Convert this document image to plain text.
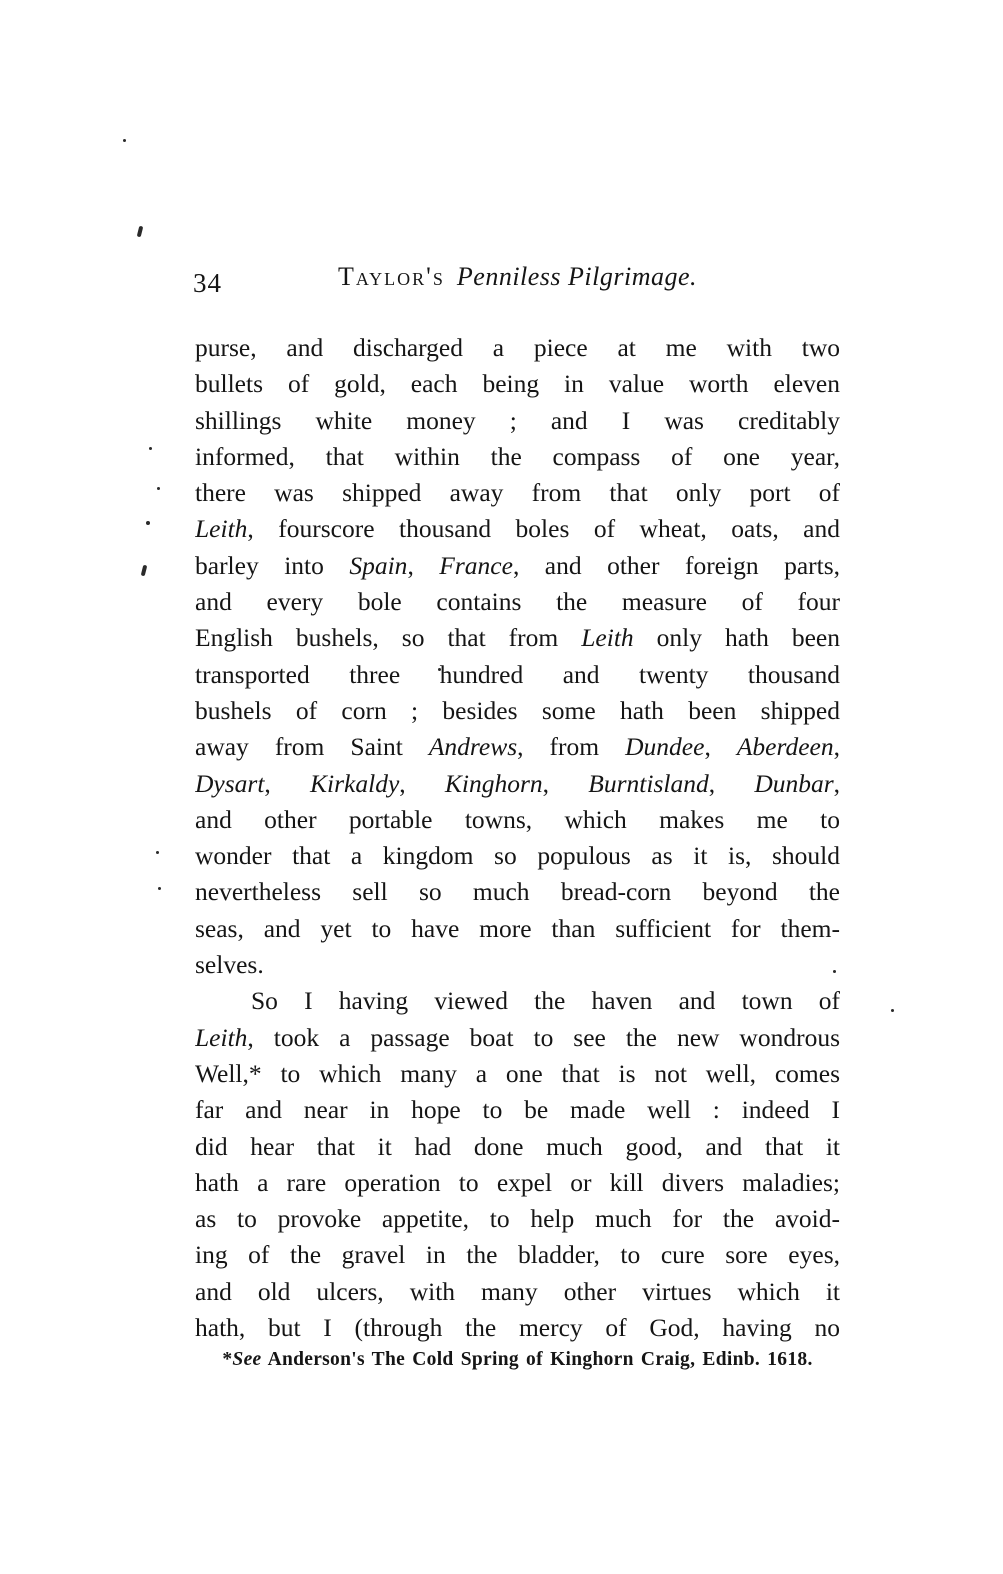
34	Taylor's Penniless Pilgrimage.
purse, and discharged a piece at me with two
bullets of gold, each being in value worth eleven
shillings white money ; and I was creditably
informed, that within the compass of one year,
there was shipped away from that only port of
Leith, fourscore thousand boles of wheat, oats, and
barley into Spain, France, and other foreign parts,
and every bole contains the measure of four
English bushels, so that from Leith only hath been
transported three hundred and twenty thousand
bushels of corn ; besides some hath been shipped
away from Saint Andrews, from Dundee, Aberdeen,
Dysart, Kirkaldy, Kinghorn, Burntisland, Dunbar,
and other portable towns, which makes me to
wonder that a kingdom so populous as it is, should
nevertheless sell so much bread-corn beyond the
seas, and yet to have more than sufficient for them-
selves.
So I having viewed the haven and town of
Leith, took a passage boat to see the new wondrous
Well,* to which many a one that is not well, comes
far and near in hope to be made well : indeed I
did hear that it had done much good, and that it
hath a rare operation to expel or kill divers maladies;
as to provoke appetite, to help much for the avoid-
ing of the gravel in the bladder, to cure sore eyes,
and old ulcers, with many other virtues which it
hath, but I (through the mercy of God, having no
*See Anderson's The Cold Spring of Kinghorn Craig, Edinb. 1618.
